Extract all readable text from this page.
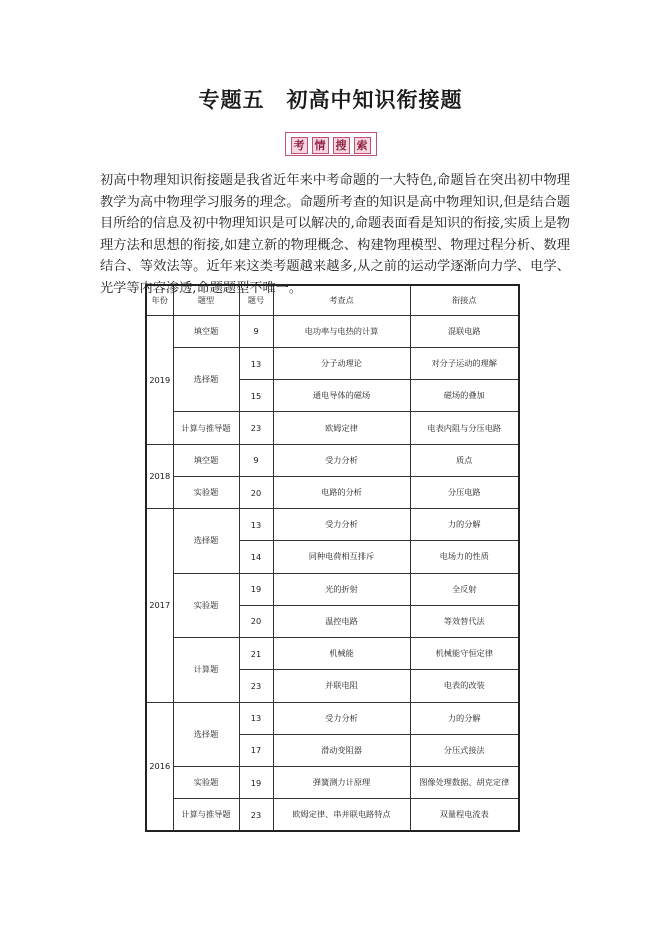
专题五 初高中知识衔接题
考 情 搜 索
初高中物理知识衔接题是我省近年来中考命题的一大特色,命题旨在突出初中物理教学为高中物理学习服务的理念。命题所考查的知识是高中物理知识,但是结合题目所给的信息及初中物理知识是可以解决的,命题表面看是知识的衔接,实质上是物理方法和思想的衔接,如建立新的物理概念、构建物理模型、物理过程分析、数理结合、等效法等。近年来这类考题越来越多,从之前的运动学逐渐向力学、电学、光学等内容渗透,命题题型不唯一。
年份	题型	题号	考查点	衔接点
2019	填空题	9	电功率与电热的计算	混联电路
	选择题	13	分子动理论	对分子运动的理解
		15	通电导体的磁场	磁场的叠加
	计算与推导题	23	欧姆定律	电表内阻与分压电路
2018	填空题	9	受力分析	质点
	实验题	20	电路的分析	分压电路
2017	选择题	13	受力分析	力的分解
		14	同种电荷相互排斥	电场力的性质
	实验题	19	光的折射	全反射
		20	温控电路	等效替代法
	计算题	21	机械能	机械能守恒定律
		23	并联电阻	电表的改装
2016	选择题	13	受力分析	力的分解
		17	滑动变阻器	分压式接法
	实验题	19	弹簧测力计原理	图像处理数据、胡克定律
	计算与推导题	23	欧姆定律、串并联电路特点	双量程电流表
